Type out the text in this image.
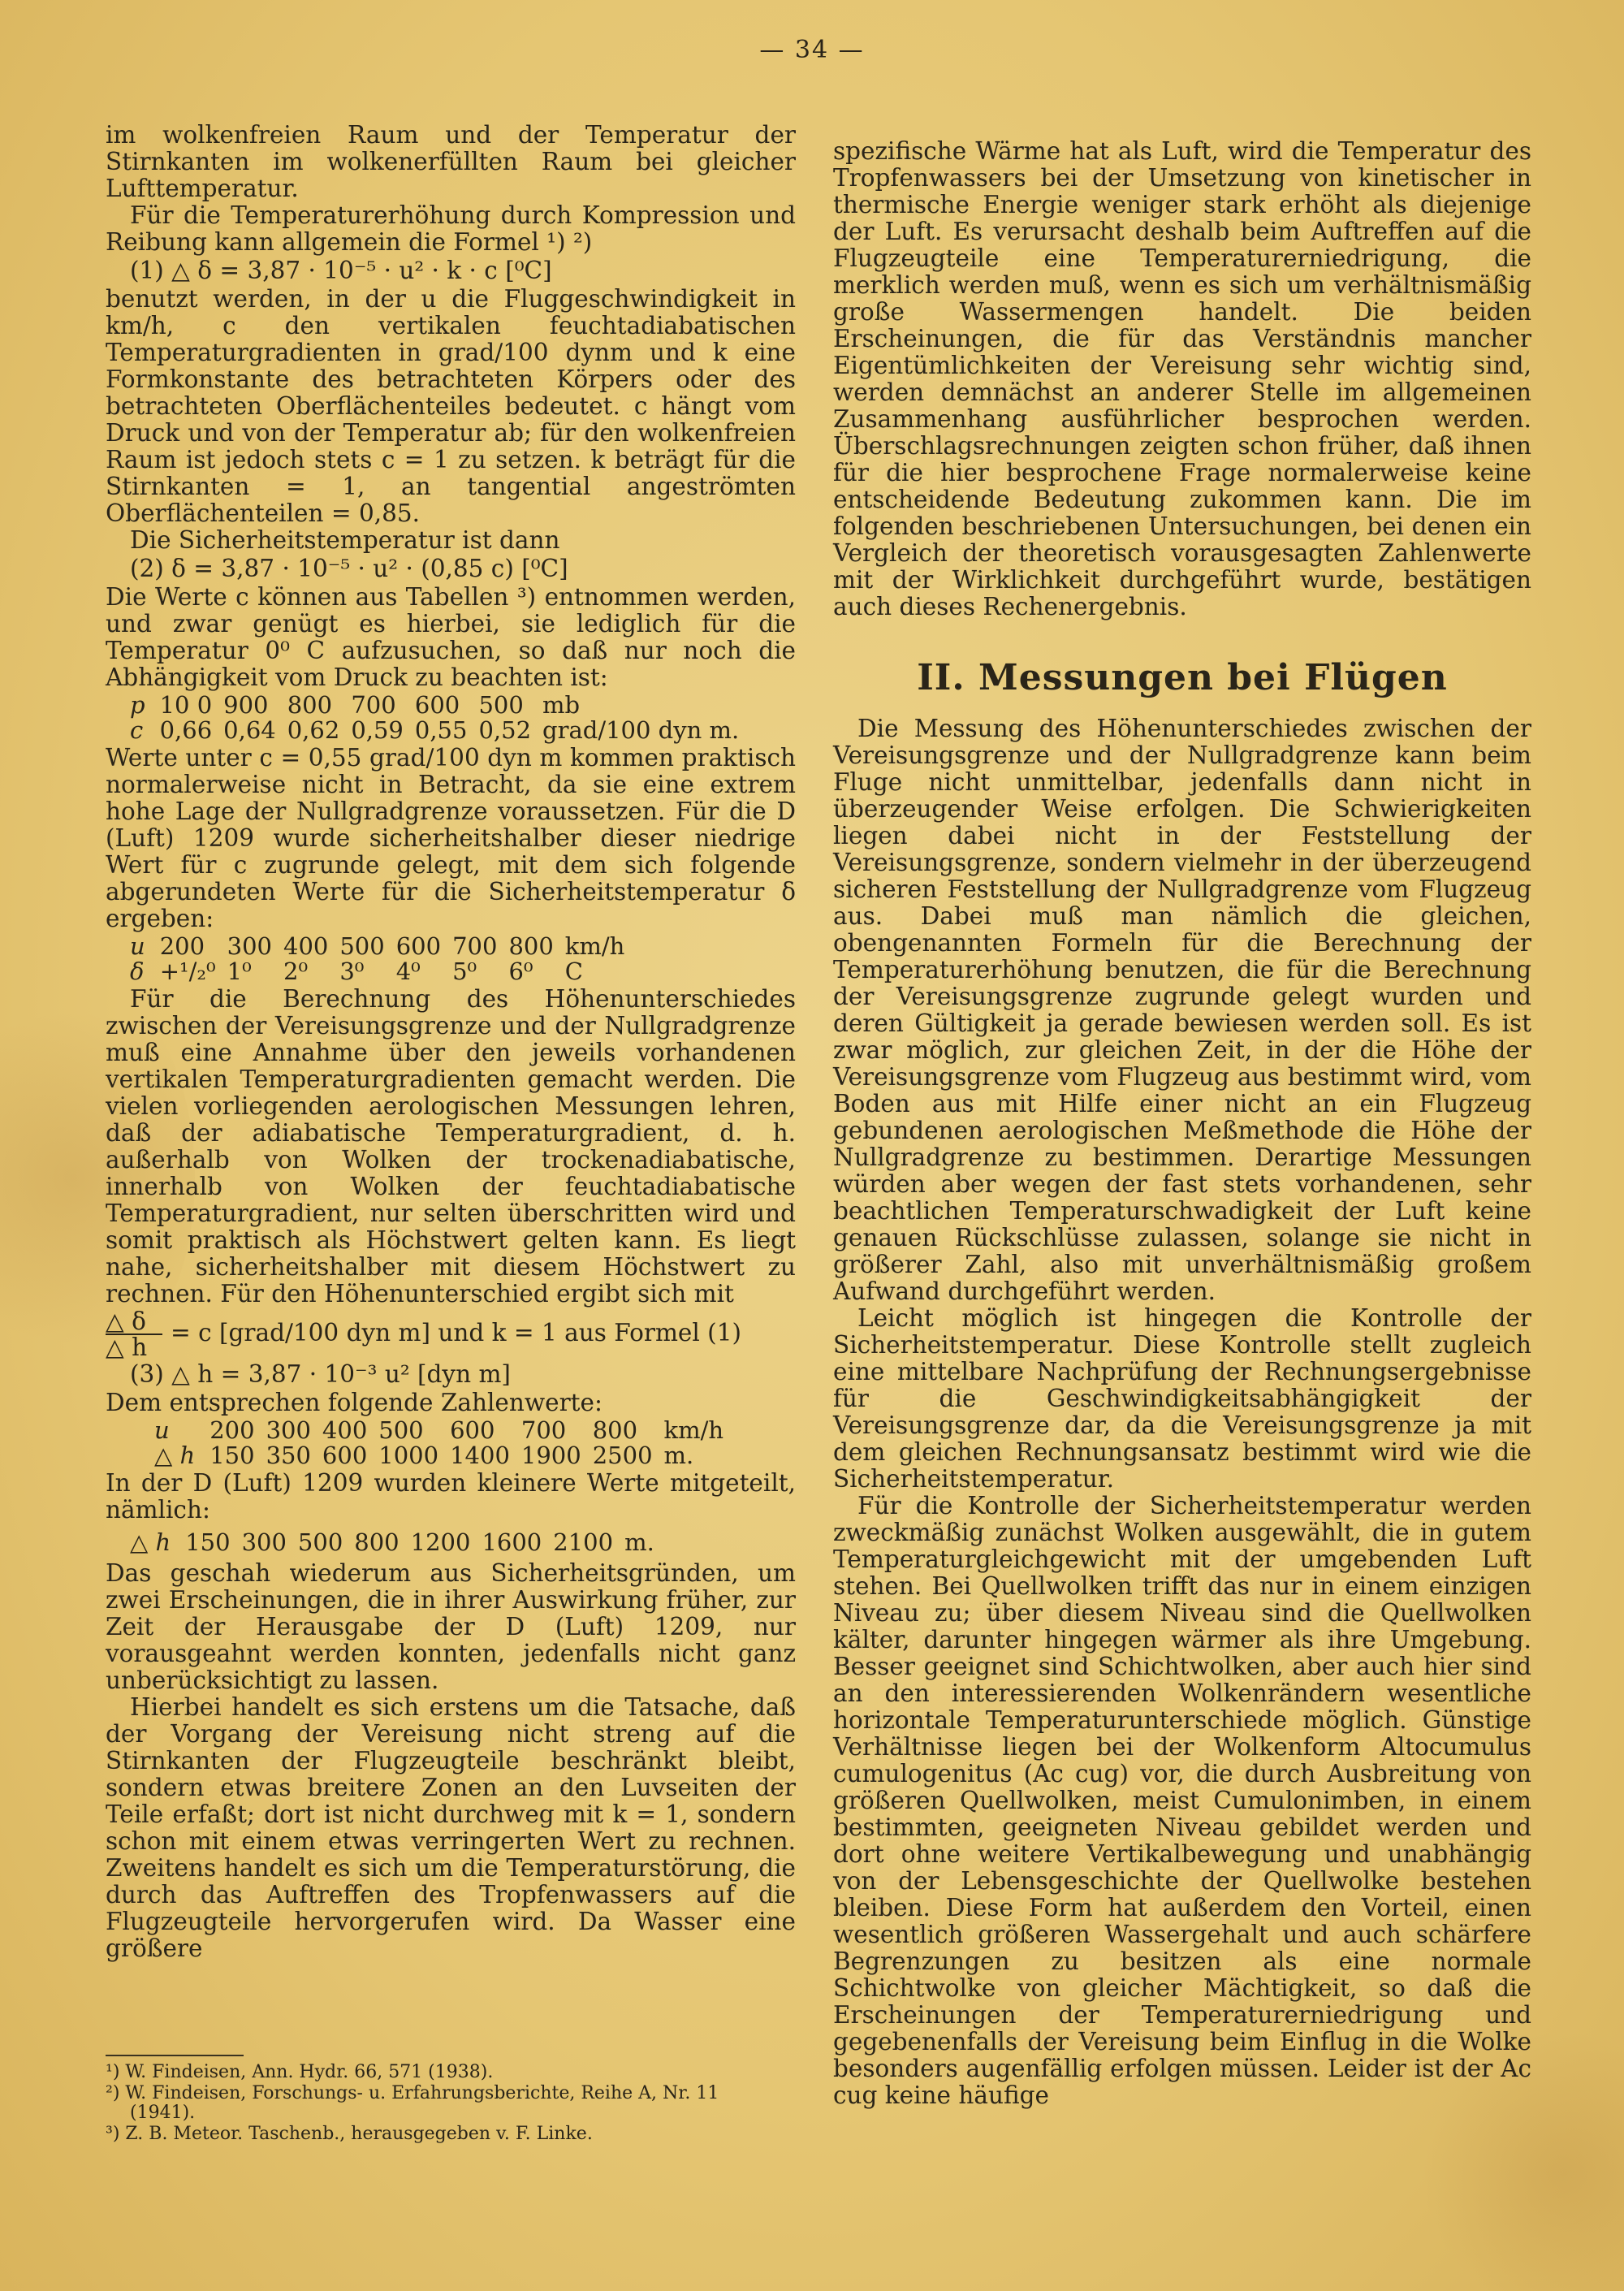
— 34 —

im wolkenfreien Raum und der Temperatur der Stirnkanten im wolkenerfüllten Raum bei gleicher Lufttemperatur.

Für die Temperaturerhöhung durch Kompression und Reibung kann allgemein die Formel ¹) ²)

(1) △ δ = 3,87 · 10⁻⁵ · u² · k · c [⁰C]

benutzt werden, in der u die Fluggeschwindigkeit in km/h, c den vertikalen feuchtadiabatischen Temperaturgradienten in grad/100 dynm und k eine Formkonstante des betrachteten Körpers oder des betrachteten Oberflächenteiles bedeutet. c hängt vom Druck und von der Temperatur ab; für den wolkenfreien Raum ist jedoch stets c = 1 zu setzen. k beträgt für die Stirnkanten = 1, an tangential angeströmten Oberflächenteilen = 0,85.

Die Sicherheitstemperatur ist dann

(2) δ = 3,87 · 10⁻⁵ · u² · (0,85 c) [⁰C]

Die Werte c können aus Tabellen ³) entnommen werden, und zwar genügt es hierbei, sie lediglich für die Temperatur 0⁰ C aufzusuchen, so daß nur noch die Abhängigkeit vom Druck zu beachten ist:

p	10 0	900	800	700	600	500	mb
c	0,66	0,64	0,62	0,59	0,55	0,52	grad/100 dyn m.

Werte unter c = 0,55 grad/100 dyn m kommen praktisch normalerweise nicht in Betracht, da sie eine extrem hohe Lage der Nullgradgrenze voraussetzen. Für die D (Luft) 1209 wurde sicherheitshalber dieser niedrige Wert für c zugrunde gelegt, mit dem sich folgende abgerundeten Werte für die Sicherheitstemperatur δ ergeben:

u	200	300	400	500	600	700	800	km/h
δ	+¹/₂⁰	1⁰	2⁰	3⁰	4⁰	5⁰	6⁰	C

Für die Berechnung des Höhenunterschiedes zwischen der Vereisungsgrenze und der Nullgradgrenze muß eine Annahme über den jeweils vorhandenen vertikalen Temperaturgradienten gemacht werden. Die vielen vorliegenden aerologischen Messungen lehren, daß der adiabatische Temperaturgradient, d. h. außerhalb von Wolken der trockenadiabatische, innerhalb von Wolken der feuchtadiabatische Temperaturgradient, nur selten überschritten wird und somit praktisch als Höchstwert gelten kann. Es liegt nahe, sicherheitshalber mit diesem Höchstwert zu rechnen. Für den Höhenunterschied ergibt sich mit

$\frac{\triangle \delta}{\triangle h} = c$ [grad/100 dyn m] und k = 1 aus Formel (1)
(3) △ h = 3,87 · 10⁻³ u² [dyn m]

Dem entsprechen folgende Zahlenwerte:

u	200	300	400	500	600	700	800	km/h
△ h	150	350	600	1000	1400	1900	2500	m.

In der D (Luft) 1209 wurden kleinere Werte mitgeteilt, nämlich:

△ h	150	300	500	800	1200	1600	2100	m.

Das geschah wiederum aus Sicherheitsgründen, um zwei Erscheinungen, die in ihrer Auswirkung früher, zur Zeit der Herausgabe der D (Luft) 1209, nur vorausgeahnt werden konnten, jedenfalls nicht ganz unberücksichtigt zu lassen.

Hierbei handelt es sich erstens um die Tatsache, daß der Vorgang der Vereisung nicht streng auf die Stirnkanten der Flugzeugteile beschränkt bleibt, sondern etwas breitere Zonen an den Luvseiten der Teile erfaßt; dort ist nicht durchweg mit k = 1, sondern schon mit einem etwas verringerten Wert zu rechnen. Zweitens handelt es sich um die Temperaturstörung, die durch das Auftreffen des Tropfenwassers auf die Flugzeugteile hervorgerufen wird. Da Wasser eine größere

¹) W. Findeisen, Ann. Hydr. 66, 571 (1938).
²) W. Findeisen, Forschungs- u. Erfahrungsberichte, Reihe A, Nr. 11 (1941).
³) Z. B. Meteor. Taschenb., herausgegeben v. F. Linke.

spezifische Wärme hat als Luft, wird die Temperatur des Tropfenwassers bei der Umsetzung von kinetischer in thermische Energie weniger stark erhöht als diejenige der Luft. Es verursacht deshalb beim Auftreffen auf die Flugzeugteile eine Temperaturerniedrigung, die merklich werden muß, wenn es sich um verhältnismäßig große Wassermengen handelt. Die beiden Erscheinungen, die für das Verständnis mancher Eigentümlichkeiten der Vereisung sehr wichtig sind, werden demnächst an anderer Stelle im allgemeinen Zusammenhang ausführlicher besprochen werden. Überschlagsrechnungen zeigten schon früher, daß ihnen für die hier besprochene Frage normalerweise keine entscheidende Bedeutung zukommen kann. Die im folgenden beschriebenen Untersuchungen, bei denen ein Vergleich der theoretisch vorausgesagten Zahlenwerte mit der Wirklichkeit durchgeführt wurde, bestätigen auch dieses Rechenergebnis.

II. Messungen bei Flügen

Die Messung des Höhenunterschiedes zwischen der Vereisungsgrenze und der Nullgradgrenze kann beim Fluge nicht unmittelbar, jedenfalls dann nicht in überzeugender Weise erfolgen. Die Schwierigkeiten liegen dabei nicht in der Feststellung der Vereisungsgrenze, sondern vielmehr in der überzeugend sicheren Feststellung der Nullgradgrenze vom Flugzeug aus. Dabei muß man nämlich die gleichen, obengenannten Formeln für die Berechnung der Temperaturerhöhung benutzen, die für die Berechnung der Vereisungsgrenze zugrunde gelegt wurden und deren Gültigkeit ja gerade bewiesen werden soll. Es ist zwar möglich, zur gleichen Zeit, in der die Höhe der Vereisungsgrenze vom Flugzeug aus bestimmt wird, vom Boden aus mit Hilfe einer nicht an ein Flugzeug gebundenen aerologischen Meßmethode die Höhe der Nullgradgrenze zu bestimmen. Derartige Messungen würden aber wegen der fast stets vorhandenen, sehr beachtlichen Temperaturschwadigkeit der Luft keine genauen Rückschlüsse zulassen, solange sie nicht in größerer Zahl, also mit unverhältnismäßig großem Aufwand durchgeführt werden.

Leicht möglich ist hingegen die Kontrolle der Sicherheitstemperatur. Diese Kontrolle stellt zugleich eine mittelbare Nachprüfung der Rechnungsergebnisse für die Geschwindigkeitsabhängigkeit der Vereisungsgrenze dar, da die Vereisungsgrenze ja mit dem gleichen Rechnungsansatz bestimmt wird wie die Sicherheitstemperatur.

Für die Kontrolle der Sicherheitstemperatur werden zweckmäßig zunächst Wolken ausgewählt, die in gutem Temperaturgleichgewicht mit der umgebenden Luft stehen. Bei Quellwolken trifft das nur in einem einzigen Niveau zu; über diesem Niveau sind die Quellwolken kälter, darunter hingegen wärmer als ihre Umgebung. Besser geeignet sind Schichtwolken, aber auch hier sind an den interessierenden Wolkenrändern wesentliche horizontale Temperaturunterschiede möglich. Günstige Verhältnisse liegen bei der Wolkenform Altocumulus cumulogenitus (Ac cug) vor, die durch Ausbreitung von größeren Quellwolken, meist Cumulonimben, in einem bestimmten, geeigneten Niveau gebildet werden und dort ohne weitere Vertikalbewegung und unabhängig von der Lebensgeschichte der Quellwolke bestehen bleiben. Diese Form hat außerdem den Vorteil, einen wesentlich größeren Wassergehalt und auch schärfere Begrenzungen zu besitzen als eine normale Schichtwolke von gleicher Mächtigkeit, so daß die Erscheinungen der Temperaturerniedrigung und gegebenenfalls der Vereisung beim Einflug in die Wolke besonders augenfällig erfolgen müssen. Leider ist der Ac cug keine häufige
